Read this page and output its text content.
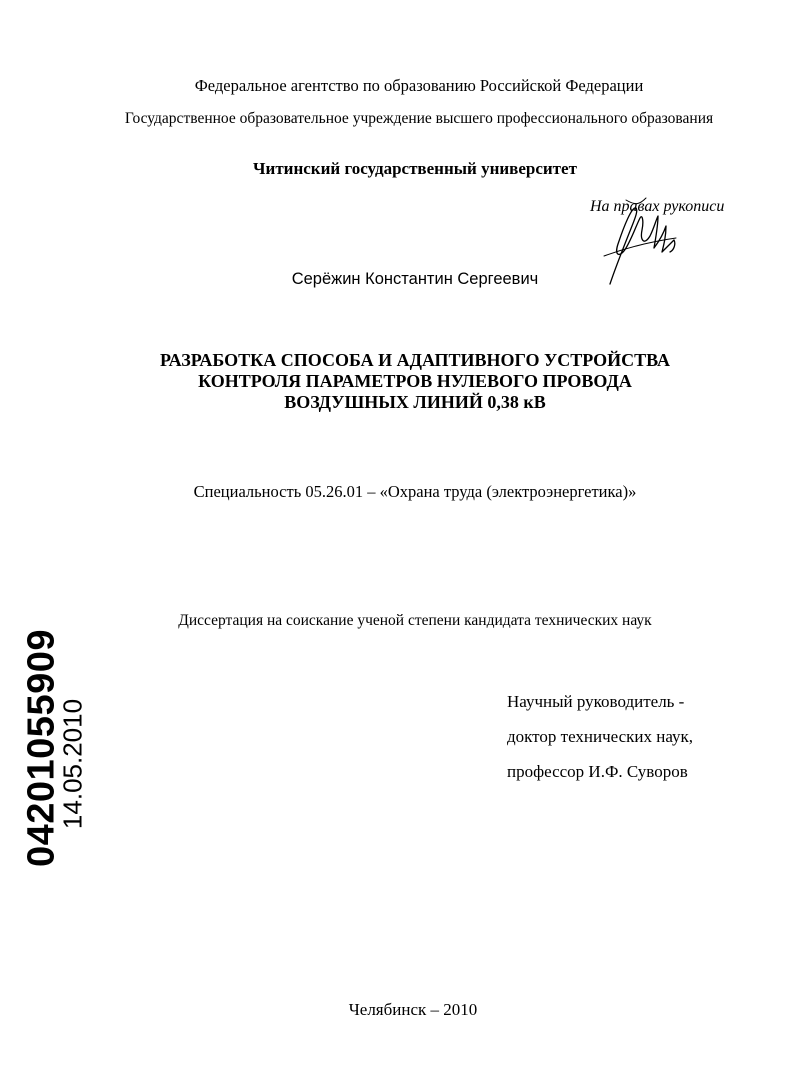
Федеральное агентство по образованию Российской Федерации
Государственное образовательное учреждение высшего профессионального образования
Читинский государственный университет
На правах рукописи
Серёжин Константин Сергеевич
РАЗРАБОТКА СПОСОБА И АДАПТИВНОГО УСТРОЙСТВА
КОНТРОЛЯ ПАРАМЕТРОВ НУЛЕВОГО ПРОВОДА
ВОЗДУШНЫХ ЛИНИЙ 0,38 кВ
Специальность 05.26.01 – «Охрана труда (электроэнергетика)»
Диссертация на соискание ученой степени кандидата технических наук
Научный руководитель -
доктор технических наук,
профессор И.Ф. Суворов
Челябинск – 2010
04201055909
14.05.2010
